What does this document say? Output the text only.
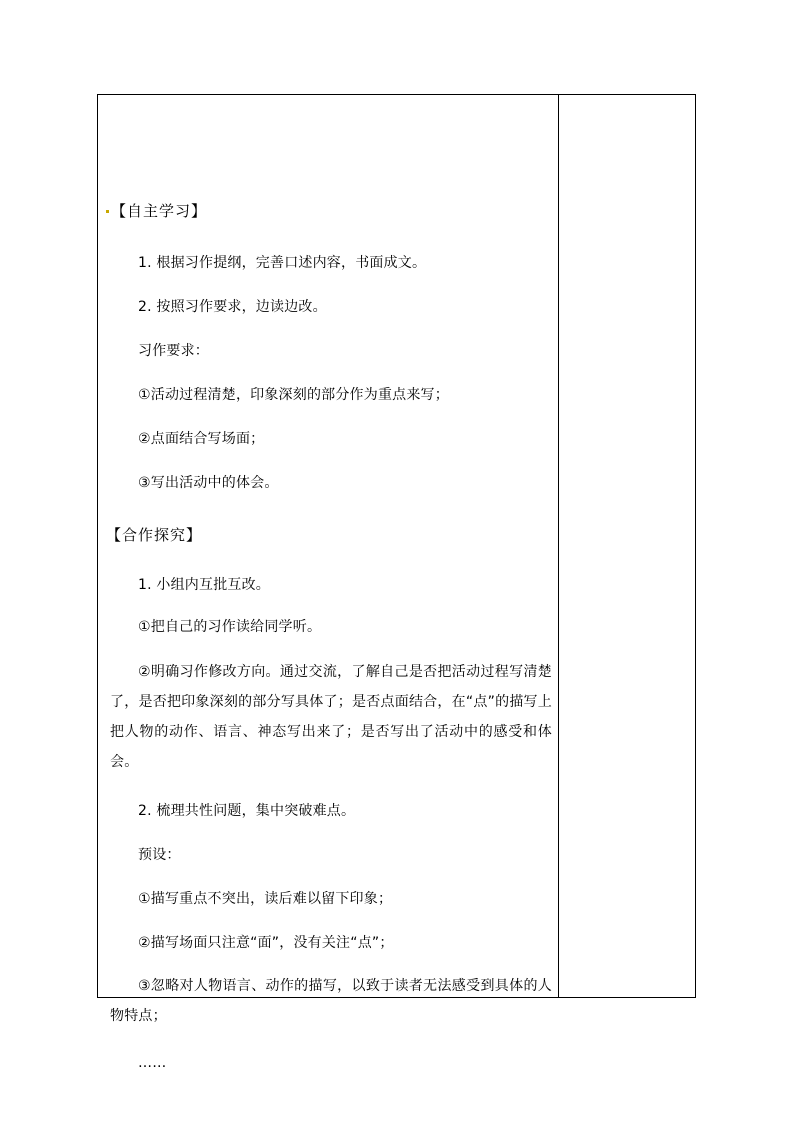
【自主学习】
1. 根据习作提纲，完善口述内容，书面成文。
2. 按照习作要求，边读边改。
习作要求：
①活动过程清楚，印象深刻的部分作为重点来写；
②点面结合写场面；
③写出活动中的体会。
【合作探究】
1. 小组内互批互改。
①把自己的习作读给同学听。
②明确习作修改方向。通过交流，了解自己是否把活动过程写清楚了，是否把印象深刻的部分写具体了；是否点面结合，在“点”的描写上把人物的动作、语言、神态写出来了；是否写出了活动中的感受和体会。
2. 梳理共性问题，集中突破难点。
预设：
①描写重点不突出，读后难以留下印象；
②描写场面只注意“面”，没有关注“点”；
③忽略对人物语言、动作的描写，以致于读者无法感受到具体的人物特点；
……
